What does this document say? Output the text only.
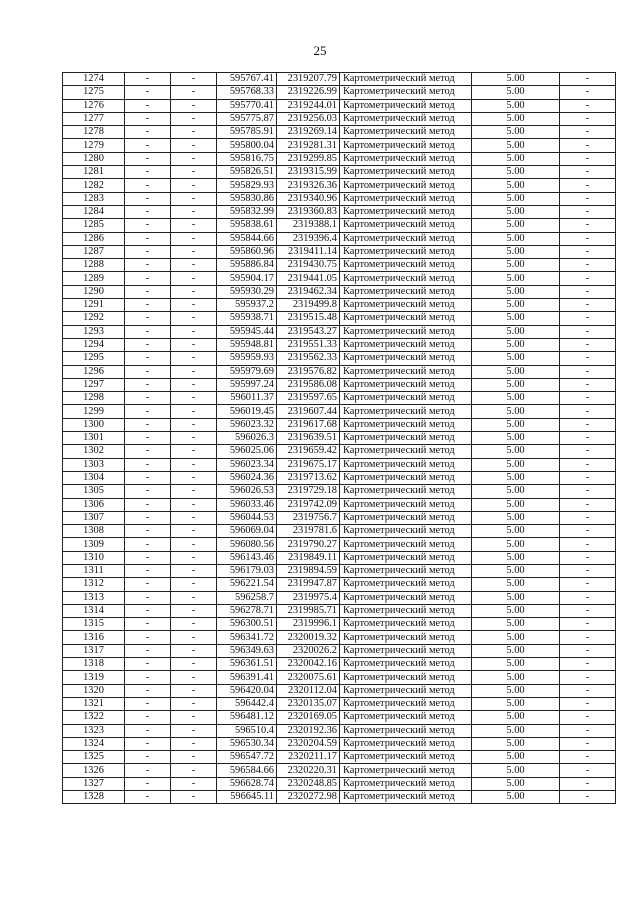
25
1274	-	-	595767.41	2319207.79	Картометрический метод	5.00	-
1275	-	-	595768.33	2319226.99	Картометрический метод	5.00	-
1276	-	-	595770.41	2319244.01	Картометрический метод	5.00	-
1277	-	-	595775.87	2319256.03	Картометрический метод	5.00	-
1278	-	-	595785.91	2319269.14	Картометрический метод	5.00	-
1279	-	-	595800.04	2319281.31	Картометрический метод	5.00	-
1280	-	-	595816.75	2319299.85	Картометрический метод	5.00	-
1281	-	-	595826.51	2319315.99	Картометрический метод	5.00	-
1282	-	-	595829.93	2319326.36	Картометрический метод	5.00	-
1283	-	-	595830.86	2319340.96	Картометрический метод	5.00	-
1284	-	-	595832.99	2319360.83	Картометрический метод	5.00	-
1285	-	-	595838.61	2319388.1	Картометрический метод	5.00	-
1286	-	-	595844.66	2319396.4	Картометрический метод	5.00	-
1287	-	-	595860.96	2319411.14	Картометрический метод	5.00	-
1288	-	-	595886.84	2319430.75	Картометрический метод	5.00	-
1289	-	-	595904.17	2319441.05	Картометрический метод	5.00	-
1290	-	-	595930.29	2319462.34	Картометрический метод	5.00	-
1291	-	-	595937.2	2319499.8	Картометрический метод	5.00	-
1292	-	-	595938.71	2319515.48	Картометрический метод	5.00	-
1293	-	-	595945.44	2319543.27	Картометрический метод	5.00	-
1294	-	-	595948.81	2319551.33	Картометрический метод	5.00	-
1295	-	-	595959.93	2319562.33	Картометрический метод	5.00	-
1296	-	-	595979.69	2319576.82	Картометрический метод	5.00	-
1297	-	-	595997.24	2319586.08	Картометрический метод	5.00	-
1298	-	-	596011.37	2319597.65	Картометрический метод	5.00	-
1299	-	-	596019.45	2319607.44	Картометрический метод	5.00	-
1300	-	-	596023.32	2319617.68	Картометрический метод	5.00	-
1301	-	-	596026.3	2319639.51	Картометрический метод	5.00	-
1302	-	-	596025.06	2319659.42	Картометрический метод	5.00	-
1303	-	-	596023.34	2319675.17	Картометрический метод	5.00	-
1304	-	-	596024.36	2319713.62	Картометрический метод	5.00	-
1305	-	-	596026.53	2319729.18	Картометрический метод	5.00	-
1306	-	-	596033.46	2319742.09	Картометрический метод	5.00	-
1307	-	-	596044.53	2319756.7	Картометрический метод	5.00	-
1308	-	-	596069.04	2319781.6	Картометрический метод	5.00	-
1309	-	-	596080.56	2319790.27	Картометрический метод	5.00	-
1310	-	-	596143.46	2319849.11	Картометрический метод	5.00	-
1311	-	-	596179.03	2319894.59	Картометрический метод	5.00	-
1312	-	-	596221.54	2319947.87	Картометрический метод	5.00	-
1313	-	-	596258.7	2319975.4	Картометрический метод	5.00	-
1314	-	-	596278.71	2319985.71	Картометрический метод	5.00	-
1315	-	-	596300.51	2319996.1	Картометрический метод	5.00	-
1316	-	-	596341.72	2320019.32	Картометрический метод	5.00	-
1317	-	-	596349.63	2320026.2	Картометрический метод	5.00	-
1318	-	-	596361.51	2320042.16	Картометрический метод	5.00	-
1319	-	-	596391.41	2320075.61	Картометрический метод	5.00	-
1320	-	-	596420.04	2320112.04	Картометрический метод	5.00	-
1321	-	-	596442.4	2320135.07	Картометрический метод	5.00	-
1322	-	-	596481.12	2320169.05	Картометрический метод	5.00	-
1323	-	-	596510.4	2320192.36	Картометрический метод	5.00	-
1324	-	-	596530.34	2320204.59	Картометрический метод	5.00	-
1325	-	-	596547.72	2320211.17	Картометрический метод	5.00	-
1326	-	-	596584.66	2320220.31	Картометрический метод	5.00	-
1327	-	-	596628.74	2320248.85	Картометрический метод	5.00	-
1328	-	-	596645.11	2320272.98	Картометрический метод	5.00	-
